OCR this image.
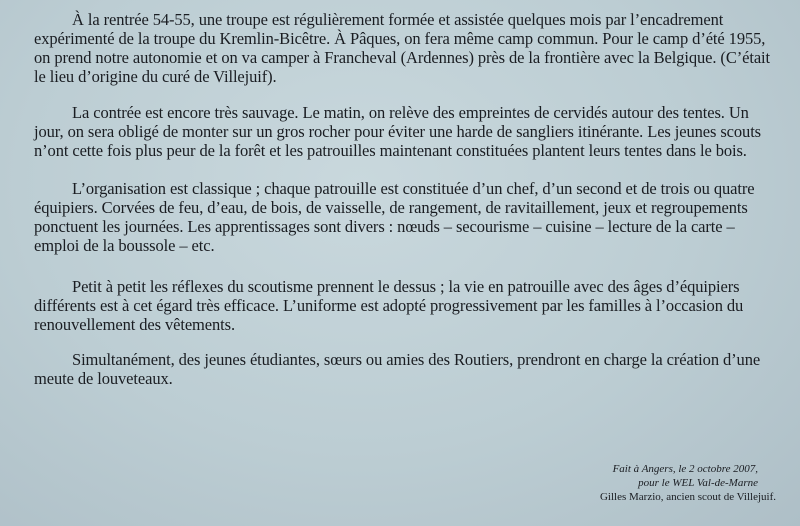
À la rentrée 54-55, une troupe est régulièrement formée et assistée quelques mois par l’encadrement expérimenté de la troupe du Kremlin-Bicêtre. À Pâques, on fera même camp commun. Pour le camp d’été 1955, on prend notre autonomie et on va camper à Francheval (Ardennes) près de la frontière avec la Belgique. (C’était le lieu d’origine du curé de Villejuif).

La contrée est encore très sauvage. Le matin, on relève des empreintes de cervidés autour des tentes. Un jour, on sera obligé de monter sur un gros rocher pour éviter une harde de sangliers itinérante. Les jeunes scouts n’ont cette fois plus peur de la forêt et les patrouilles maintenant constituées plantent leurs tentes dans le bois.

L’organisation est classique ; chaque patrouille est constituée d’un chef, d’un second et de trois ou quatre équipiers. Corvées de feu, d’eau, de bois, de vaisselle, de rangement, de ravitaillement, jeux et regroupements ponctuent les journées. Les apprentissages sont divers : nœuds – secourisme – cuisine – lecture de la carte – emploi de la boussole – etc.

Petit à petit les réflexes du scoutisme prennent le dessus ; la vie en patrouille avec des âges d’équipiers différents est à cet égard très efficace. L’uniforme est adopté progressivement par les familles à l’occasion du renouvellement des vêtements.

Simultanément, des jeunes étudiantes, sœurs ou amies des Routiers, prendront en charge la création d’une meute de louveteaux.

Fait à Angers, le 2 octobre 2007,
pour le WEL Val-de-Marne
Gilles Marzio, ancien scout de Villejuif.
